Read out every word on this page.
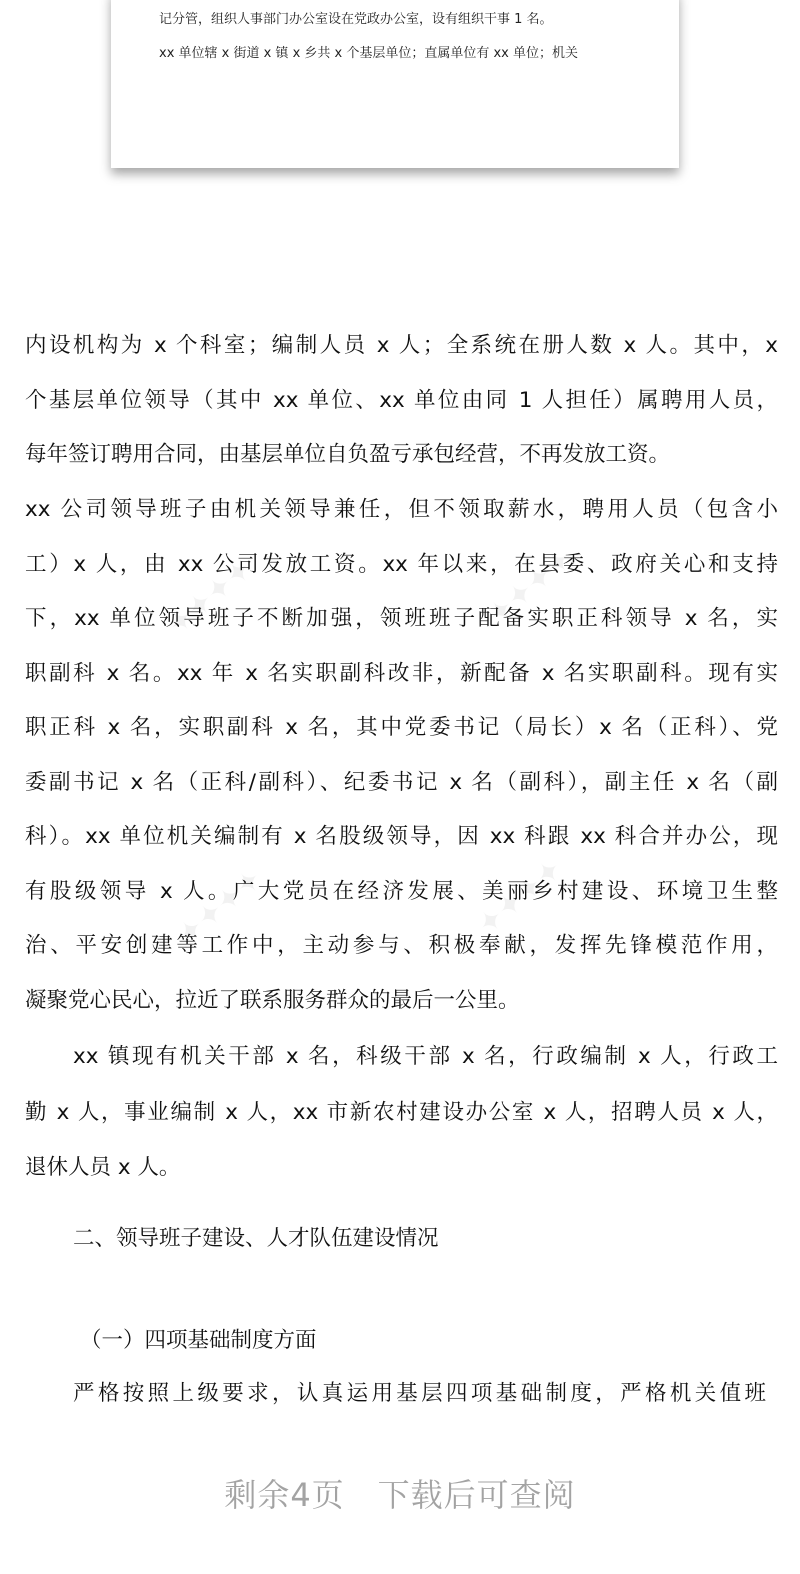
记分管，组织人事部门办公室设在党政办公室，设有组织干事 1 名。
xx 单位辖 x 街道 x 镇 x 乡共 x 个基层单位；直属单位有 xx 单位；机关
内设机构为 x 个科室；编制人员 x 人；全系统在册人数 x 人。其中，x
个基层单位领导（其中 xx 单位、xx 单位由同 1 人担任）属聘用人员，
每年签订聘用合同，由基层单位自负盈亏承包经营，不再发放工资。
xx 公司领导班子由机关领导兼任，但不领取薪水，聘用人员（包含小
工）x 人，由 xx 公司发放工资。xx 年以来，在县委、政府关心和支持
下，xx 单位领导班子不断加强，领班班子配备实职正科领导 x 名，实
职副科 x 名。xx 年 x 名实职副科改非，新配备 x 名实职副科。现有实
职正科 x 名，实职副科 x 名，其中党委书记（局长）x 名（正科）、党
委副书记 x 名（正科/副科）、纪委书记 x 名（副科），副主任 x 名（副
科）。xx 单位机关编制有 x 名股级领导，因 xx 科跟 xx 科合并办公，现
有股级领导 x 人。广大党员在经济发展、美丽乡村建设、环境卫生整
治、平安创建等工作中，主动参与、积极奉献，发挥先锋模范作用，
凝聚党心民心，拉近了联系服务群众的最后一公里。
xx 镇现有机关干部 x 名，科级干部 x 名，行政编制 x 人，行政工
勤 x 人，事业编制 x 人，xx 市新农村建设办公室 x 人，招聘人员 x 人，
退休人员 x 人。
二、领导班子建设、人才队伍建设情况
（一）四项基础制度方面
严格按照上级要求，认真运用基层四项基础制度，严格机关值班
✦✦✦✦	✦✦✦✦
✦✦✦✦	✦✦✦✦
剩余4页　下载后可查阅
